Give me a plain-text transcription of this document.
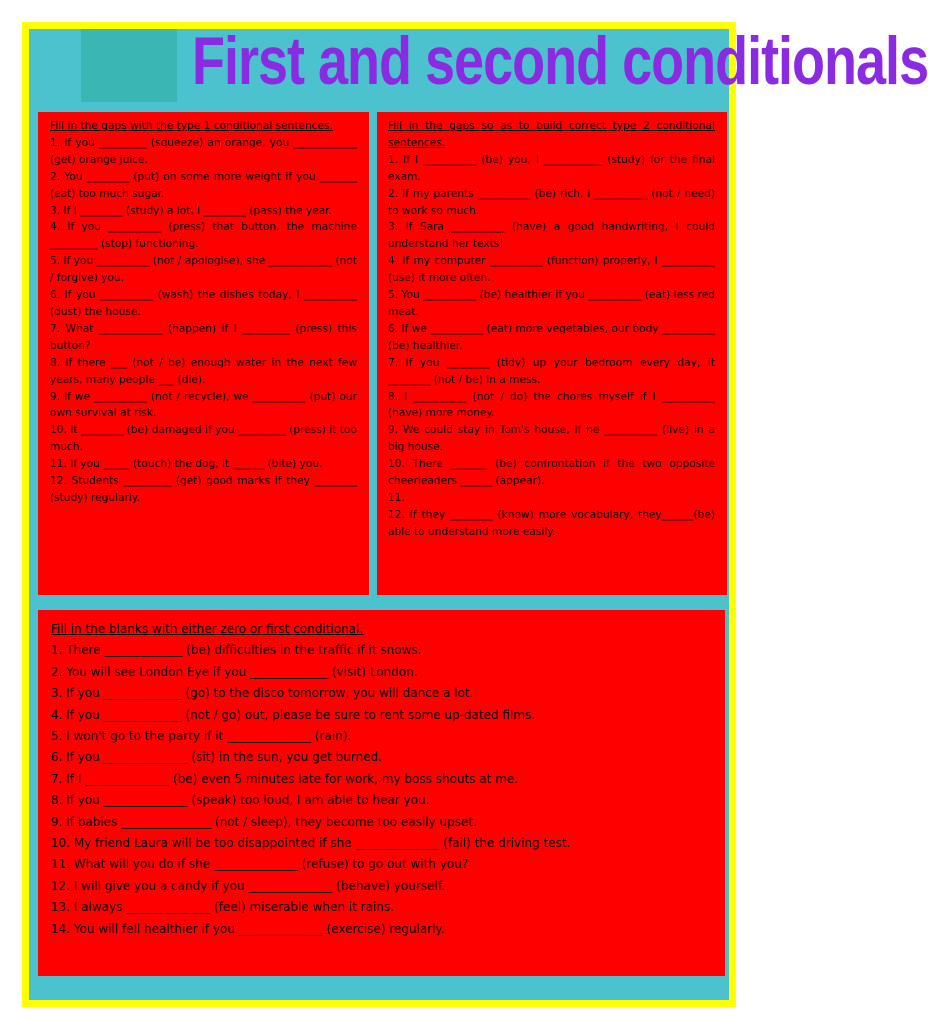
First and second conditionals

Fill in the gaps with the type 1 conditional sentences.

1. If you _________ (squeeze) an orange, you ____________ (get) orange juice.

2. You ________ (put) on some more weight if you _______ (eat) too much sugar.

3. If I ________ (study) a lot, I ________ (pass) the year.

4. If you __________ (press) that button, the machine _________ (stop) functioning.

5. If you __________ (not / apologise), she ____________ (not / forgive) you.

6. If you __________ (wash) the dishes today, I __________ (dust) the house.

7. What ____________ (happen) if I _________ (press) this button?

8. If there ___ (not / be) enough water in the next few years, many people ___ (die).

9. If we __________ (not / recycle), we __________ (put) our own survival at risk.

10. It ________ (be) damaged if you _________ (press) it too much.

11. If you _____ (touch) the dog, it ______ (bite) you.

12. Students _________ (get) good marks if they ________ (study) regularly.

Fill in the gaps so as to build correct type 2 conditional sentences.

1. If I __________ (be) you, I ___________ (study) for the final exam.

2. If my parents __________ (be) rich, I __________ (not / need) to work so much.

3. If Sara __________ (have) a good handwriting, I could understand her texts!

4. If my computer __________ (function) properly, I __________ (use) it more often.

5. You __________ (be) healthier if you __________ (eat) less red meat.

6. If we __________ (eat) more vegetables, our body __________ (be) healthier.

7. If you ________ (tidy) up your bedroom every day, it ________ (not / be) in a mess.

8. I __________ (not / do) the chores myself if I __________ (have) more money.

9. We could stay in Tom's house, if he __________ (live) in a big house.

10. There _______ (be) confrontation if the two opposite cheerleaders ______ (appear).

11.

12. If they ________ (know) more vocabulary, they______(be) able to understand more easily.

Fill in the blanks with either zero or first conditional.

1. There _____________ (be) difficulties in the traffic if it snows.

2. You will see London Eye if you _____________ (visit) London.

3. If you _____________ (go) to the disco tomorrow, you will dance a lot.

4. If you _____________ (not / go) out, please be sure to rent some up-dated films.

5. I won't go to the party if it ______________ (rain).

6. If you ______________ (sit) in the sun, you get burned.

7. If I ______________ (be) even 5 minutes late for work, my boss shouts at me.

8. If you ______________ (speak) too loud, I am able to hear you.

9. If babies _______________ (not / sleep), they become too easily upset.

10. My friend Laura will be too disappointed if she ______________ (fail) the driving test.

11. What will you do if she ______________ (refuse) to go out with you?

12. I will give you a candy if you ______________ (behave) yourself.

13. I always ______________ (feel) miserable when it rains.

14. You will fell healthier if you ______________ (exercise) regularly.
